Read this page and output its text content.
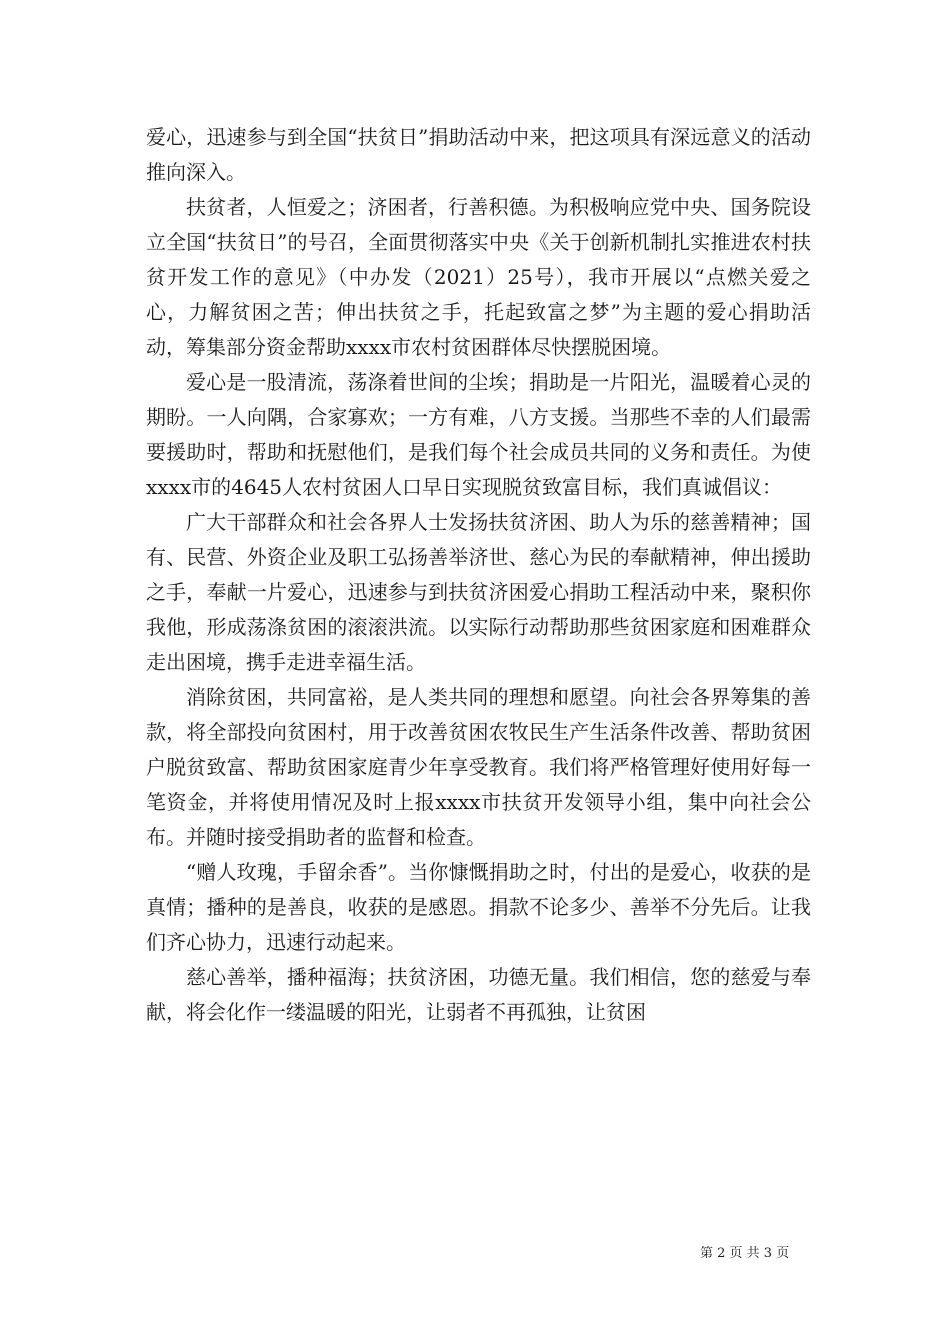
爱心，迅速参与到全国“扶贫日”捐助活动中来，把这项具有深远意义的活动推向深入。

扶贫者，人恒爱之；济困者，行善积德。为积极响应党中央、国务院设立全国“扶贫日”的号召，全面贯彻落实中央《关于创新机制扎实推进农村扶贫开发工作的意见》（中办发（2021）25号），我市开展以“点燃关爱之心，力解贫困之苦；伸出扶贫之手，托起致富之梦”为主题的爱心捐助活动，筹集部分资金帮助xxxx市农村贫困群体尽快摆脱困境。

爱心是一股清流，荡涤着世间的尘埃；捐助是一片阳光，温暖着心灵的期盼。一人向隅，合家寡欢；一方有难，八方支援。当那些不幸的人们最需要援助时，帮助和抚慰他们，是我们每个社会成员共同的义务和责任。为使xxxx市的4645人农村贫困人口早日实现脱贫致富目标，我们真诚倡议：

广大干部群众和社会各界人士发扬扶贫济困、助人为乐的慈善精神；国有、民营、外资企业及职工弘扬善举济世、慈心为民的奉献精神，伸出援助之手，奉献一片爱心，迅速参与到扶贫济困爱心捐助工程活动中来，聚积你我他，形成荡涤贫困的滚滚洪流。以实际行动帮助那些贫困家庭和困难群众走出困境，携手走进幸福生活。

消除贫困，共同富裕，是人类共同的理想和愿望。向社会各界筹集的善款，将全部投向贫困村，用于改善贫困农牧民生产生活条件改善、帮助贫困户脱贫致富、帮助贫困家庭青少年享受教育。我们将严格管理好使用好每一笔资金，并将使用情况及时上报xxxx市扶贫开发领导小组，集中向社会公布。并随时接受捐助者的监督和检查。

“赠人玫瑰，手留余香”。当你慷慨捐助之时，付出的是爱心，收获的是真情；播种的是善良，收获的是感恩。捐款不论多少、善举不分先后。让我们齐心协力，迅速行动起来。

慈心善举，播种福海；扶贫济困，功德无量。我们相信，您的慈爱与奉献，将会化作一缕温暖的阳光，让弱者不再孤独，让贫困

第 2 页 共 3 页
